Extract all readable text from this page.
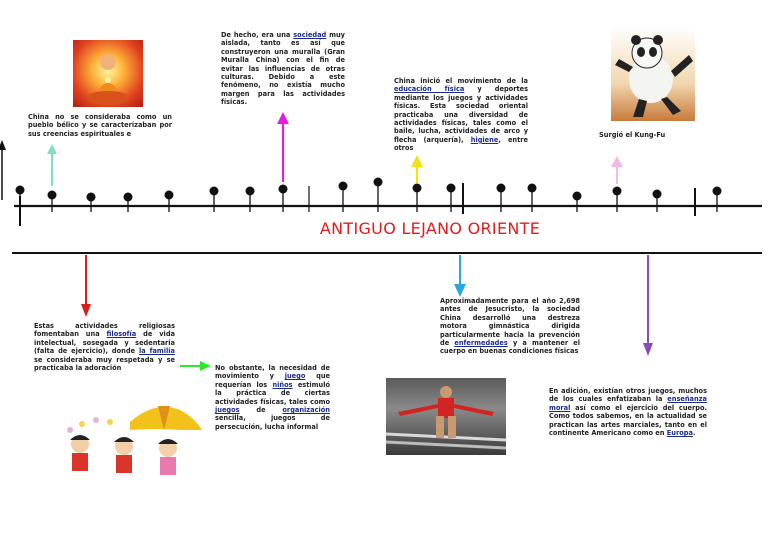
ANTIGUO LEJANO ORIENTE
China no se consideraba como un pueblo bélico y se caracterizaban por sus creencias espirituales e
De hecho, era una sociedad muy aislada, tanto es así que construyeron una muralla (Gran Muralla China) con el fin de evitar las influencias de otras culturas. Debido a este fenómeno, no existía mucho margen para las actividades físicas.
China inició el movimiento de la educación física y deportes mediante los juegos y actividades físicas. Esta sociedad oriental practicaba una diversidad de actividades físicas, tales como el baile, lucha, actividades de arco y flecha (arquería), higiene, entre otros
Surgió el Kung-Fu
Estas actividades religiosas fomentaban una filosofía de vida intelectual, sosegada y sedentaria (falta de ejercicio), donde la familia se consideraba muy respetada y se practicaba la adoración	No obstante, la necesidad de movimiento y juego que requerían los niños estimuló la práctica de ciertas actividades físicas, tales como juegos de organización sencilla, juegos de persecución, lucha informal
Aproximadamente para el año 2,698 antes de Jesucristo, la sociedad China desarrolló una destreza motora gimnástica dirigida particularmente hacia la prevención de enfermedades y a mantener el cuerpo en buenas condiciones físicas
En adición, existían otros juegos, muchos de los cuales enfatizaban la enseñanza moral así como el ejercicio del cuerpo. Como todos sabemos, en la actualidad se practican las artes marciales, tanto en el continente Americano como en Europa.
